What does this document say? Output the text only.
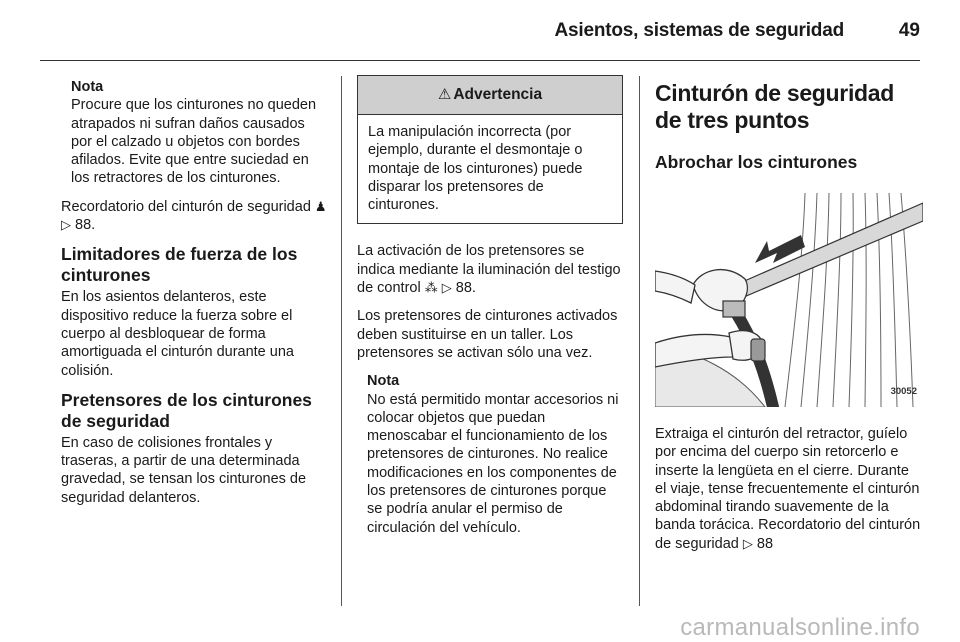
Asientos, sistemas de seguridad	49
Nota
Procure que los cinturones no queden atrapados ni sufran daños causados por el calzado u objetos con bordes afilados. Evite que entre suciedad en los retractores de los cinturones.

Recordatorio del cinturón de seguridad ♟ ▷ 88.

Limitadores de fuerza de los cinturones

En los asientos delanteros, este dispositivo reduce la fuerza sobre el cuerpo al desbloquear de forma amortiguada el cinturón durante una colisión.

Pretensores de los cinturones de seguridad

En caso de colisiones frontales y traseras, a partir de una determinada gravedad, se tensan los cinturones de seguridad delanteros.

⚠ Advertencia
La manipulación incorrecta (por ejemplo, durante el desmontaje o montaje de los cinturones) puede disparar los pretensores de cinturones.

La activación de los pretensores se indica mediante la iluminación del testigo de control ⁂ ▷ 88.

Los pretensores de cinturones activados deben sustituirse en un taller. Los pretensores se activan sólo una vez.

Nota
No está permitido montar accesorios ni colocar objetos que puedan menoscabar el funcionamiento de los pretensores de cinturones. No realice modificaciones en los componentes de los pretensores de cinturones porque se podría anular el permiso de circulación del vehículo.
Cinturón de seguridad de tres puntos
Abrochar los cinturones
30052

Extraiga el cinturón del retractor, guíelo por encima del cuerpo sin retorcerlo e inserte la lengüeta en el cierre. Durante el viaje, tense frecuentemente el cinturón abdominal tirando suavemente de la banda torácica. Recordatorio del cinturón de seguridad ▷ 88

carmanualsonline.info
